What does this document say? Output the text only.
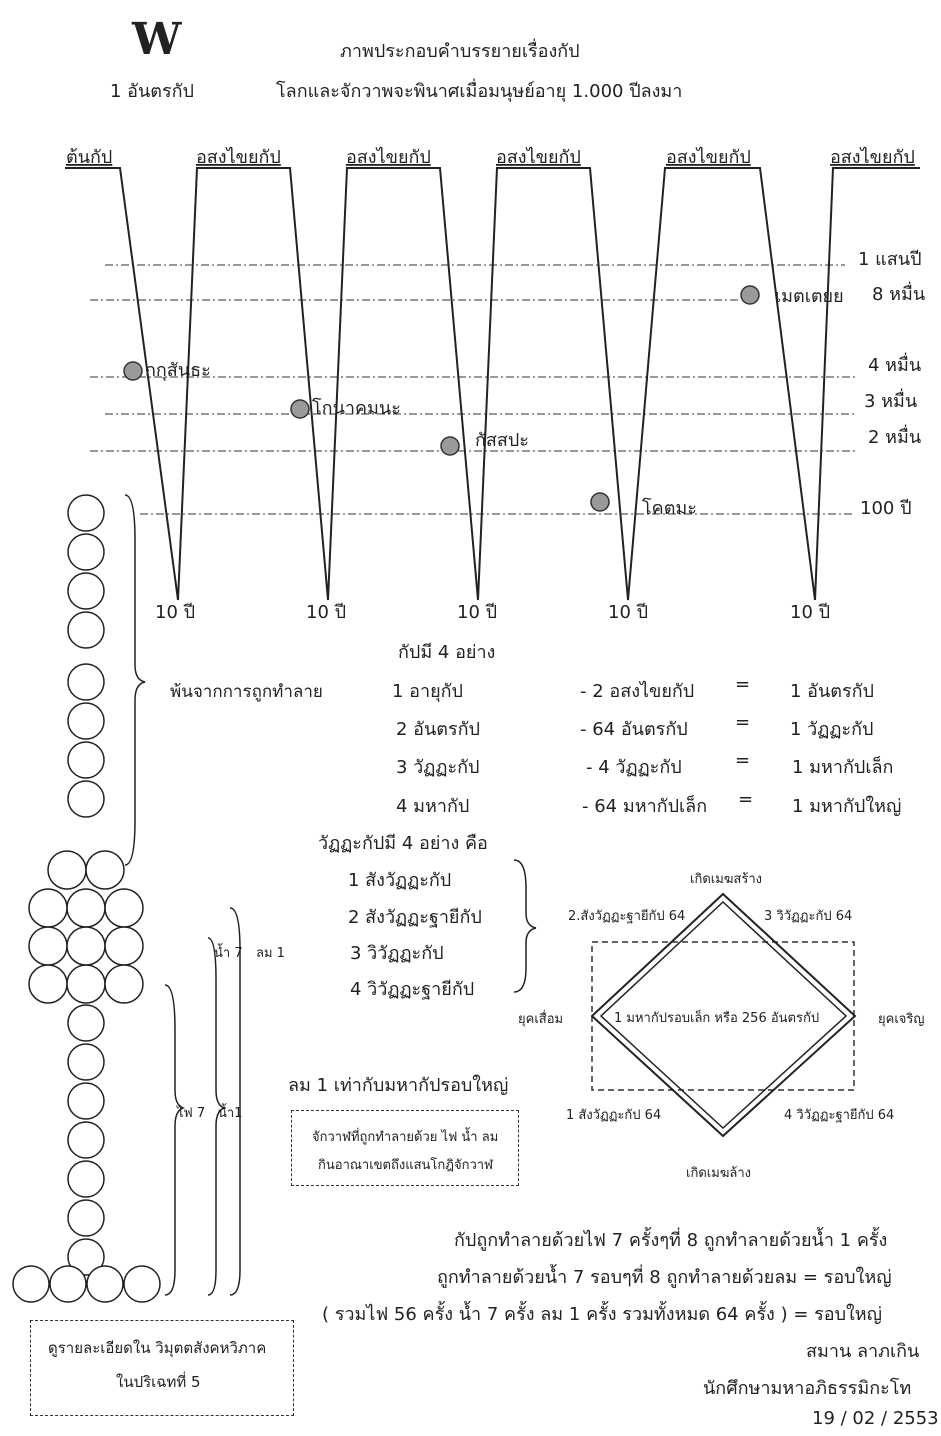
W	ภาพประกอบคำบรรยายเรื่องกัป
1 อันตรกัป	โลกและจักวาพจะพินาศเมื่อมนุษย์อายุ 1.000 ปีลงมา
ต้นกัป	อสงไขยกัป	อสงไขยกัป	อสงไขยกัป	อสงไขยกัป	อสงไขยกัป
1 แสนปี
8 หมื่น
4 หมื่น
3 หมื่น
2 หมื่น
100 ปี
10 ปี	10 ปี	10 ปี	10 ปี	10 ปี
กกุสันธะ
โกนาคมนะ
กัสสปะ
โคตมะ
เมตเตยย
น้ำ 7 ลม 1
ไฟ 7 น้ำ1
กัปมี 4 อย่าง
พ้นจากการถูกทำลาย	1 อายุกัป	- 2 อสงไขยกัป = 1 อันตรกัป
2 อันตรกัป	- 64 อันตรกัป	= 1 วัฏฏะกัป
3 วัฏฏะกัป	- 4 วัฏฏะกัป	= 1 มหากัปเล็ก
4 มหากัป	- 64 มหากัปเล็ก = 1 มหากัปใหญ่
วัฏฏะกัปมี 4 อย่าง คือ
1 สังวัฏฏะกัป
2 สังวัฏฏะฐายีกัป
3 วิวัฏฏะกัป
4 วิวัฏฏะฐายีกัป
เกิดเมฆสร้าง
เกิดเมฆล้าง
ยุคเสื่อม	ยุคเจริญ
2.สังวัฏฏะฐายีกัป 64	3 วิวัฏฏะกัป 64
1 สังวัฏฏะกัป 64	4 วิวัฏฏะฐายีกัป 64
1 มหากัปรอบเล็ก หรือ 256 อันตรกัป
ลม 1 เท่ากับมหากัปรอบใหญ่
จักวาฬที่ถูกทำลายด้วย ไฟ น้ำ ลม
กินอาณาเขตถึงแสนโกฎิจักวาฬ
ดูรายละเอียดใน วิมุตตสังคหวิภาค
ในปริเฉทที่ 5
กัปถูกทำลายด้วยไฟ 7 ครั้งๆที่ 8 ถูกทำลายด้วยน้ำ 1 ครั้ง
ถูกทำลายด้วยน้ำ 7 รอบๆที่ 8 ถูกทำลายด้วยลม = รอบใหญ่
( รวมไฟ 56 ครั้ง น้ำ 7 ครั้ง ลม 1 ครั้ง รวมทั้งหมด 64 ครั้ง ) = รอบใหญ่
สมาน ลาภเกิน
นักศึกษามหาอภิธรรมิกะโท
19 / 02 / 2553
